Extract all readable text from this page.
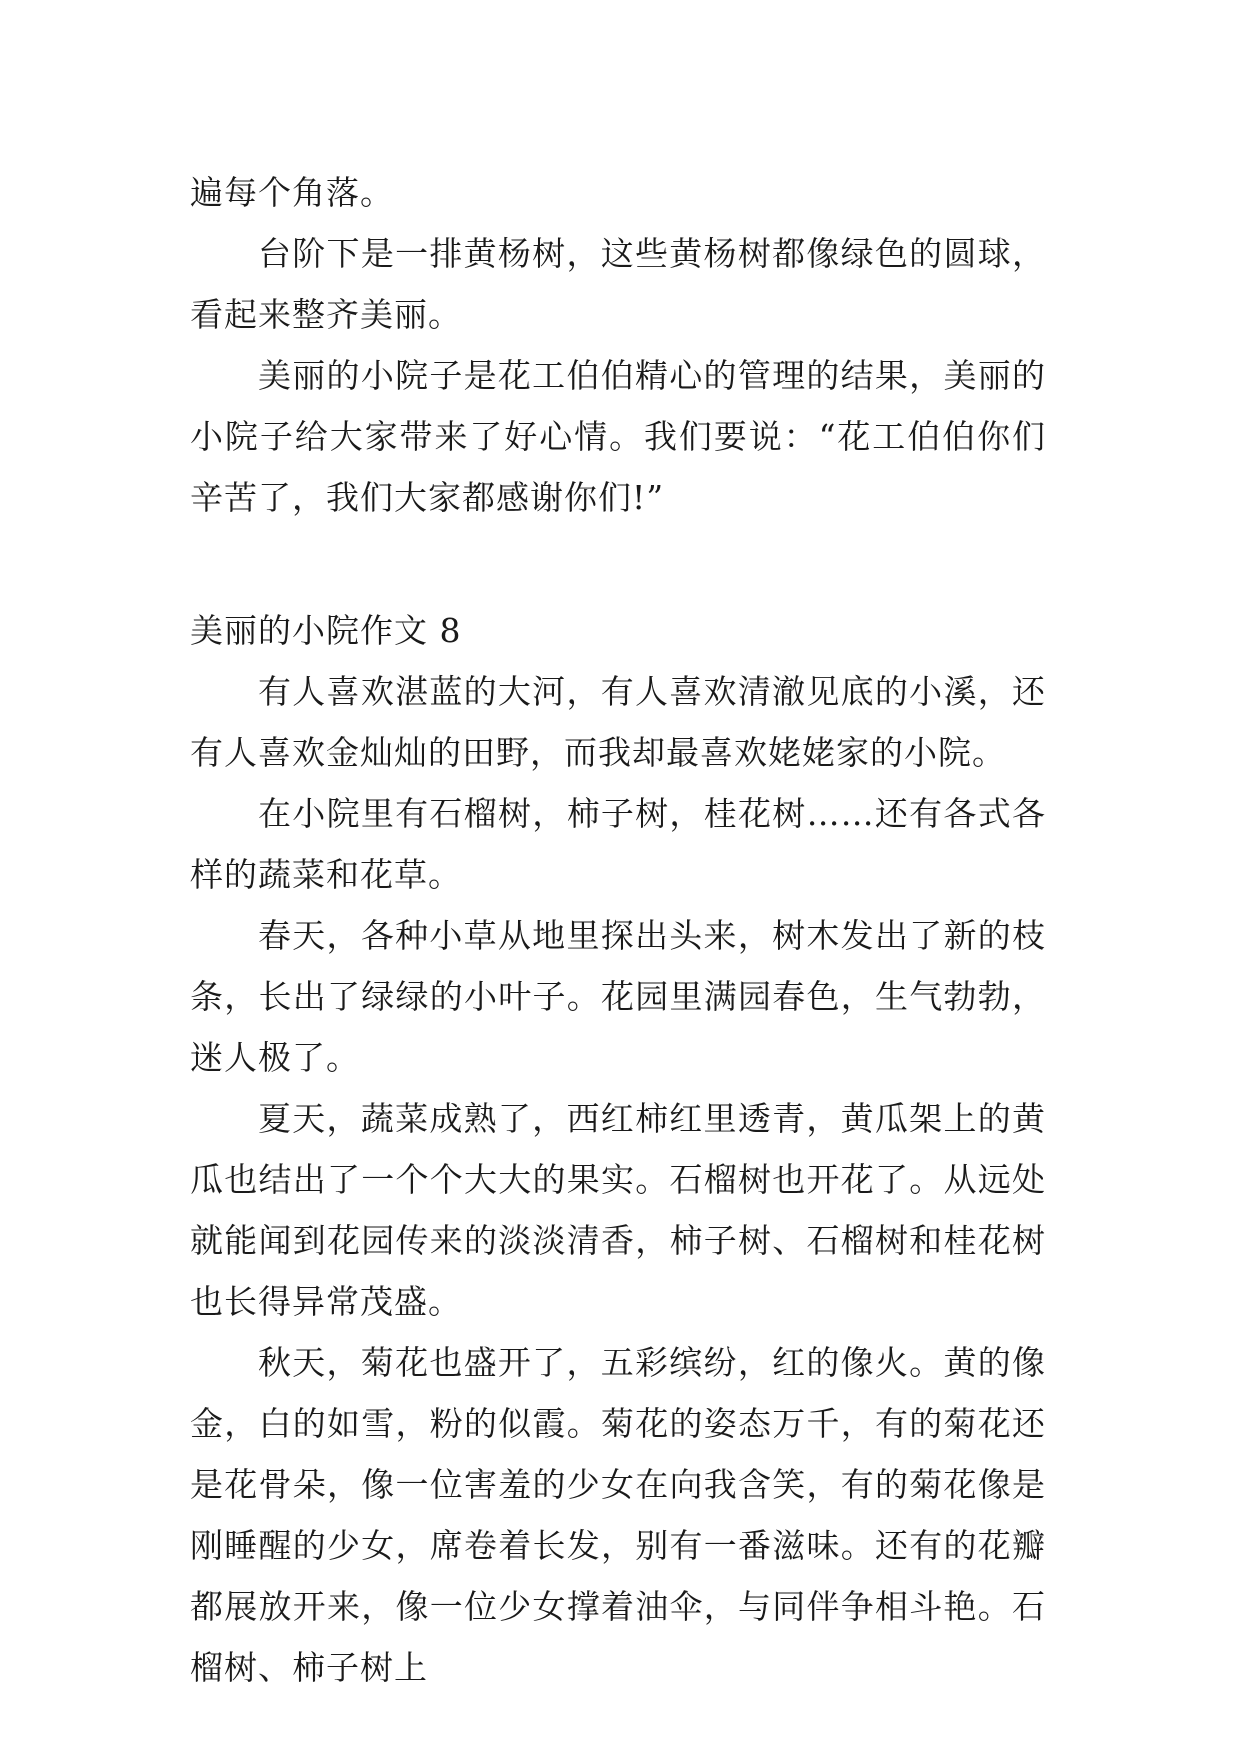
遍每个角落。

台阶下是一排黄杨树，这些黄杨树都像绿色的圆球，看起来整齐美丽。

美丽的小院子是花工伯伯精心的管理的结果，美丽的小院子给大家带来了好心情。我们要说：“花工伯伯你们辛苦了，我们大家都感谢你们!”

美丽的小院作文 8

有人喜欢湛蓝的大河，有人喜欢清澈见底的小溪，还有人喜欢金灿灿的田野，而我却最喜欢姥姥家的小院。

在小院里有石榴树，柿子树，桂花树……还有各式各样的蔬菜和花草。

春天，各种小草从地里探出头来，树木发出了新的枝条，长出了绿绿的小叶子。花园里满园春色，生气勃勃，迷人极了。

夏天，蔬菜成熟了，西红柿红里透青，黄瓜架上的黄瓜也结出了一个个大大的果实。石榴树也开花了。从远处就能闻到花园传来的淡淡清香，柿子树、石榴树和桂花树也长得异常茂盛。

秋天，菊花也盛开了，五彩缤纷，红的像火。黄的像金，白的如雪，粉的似霞。菊花的姿态万千，有的菊花还是花骨朵，像一位害羞的少女在向我含笑，有的菊花像是刚睡醒的少女，席卷着长发，别有一番滋味。还有的花瓣都展放开来，像一位少女撑着油伞，与同伴争相斗艳。石榴树、柿子树上
